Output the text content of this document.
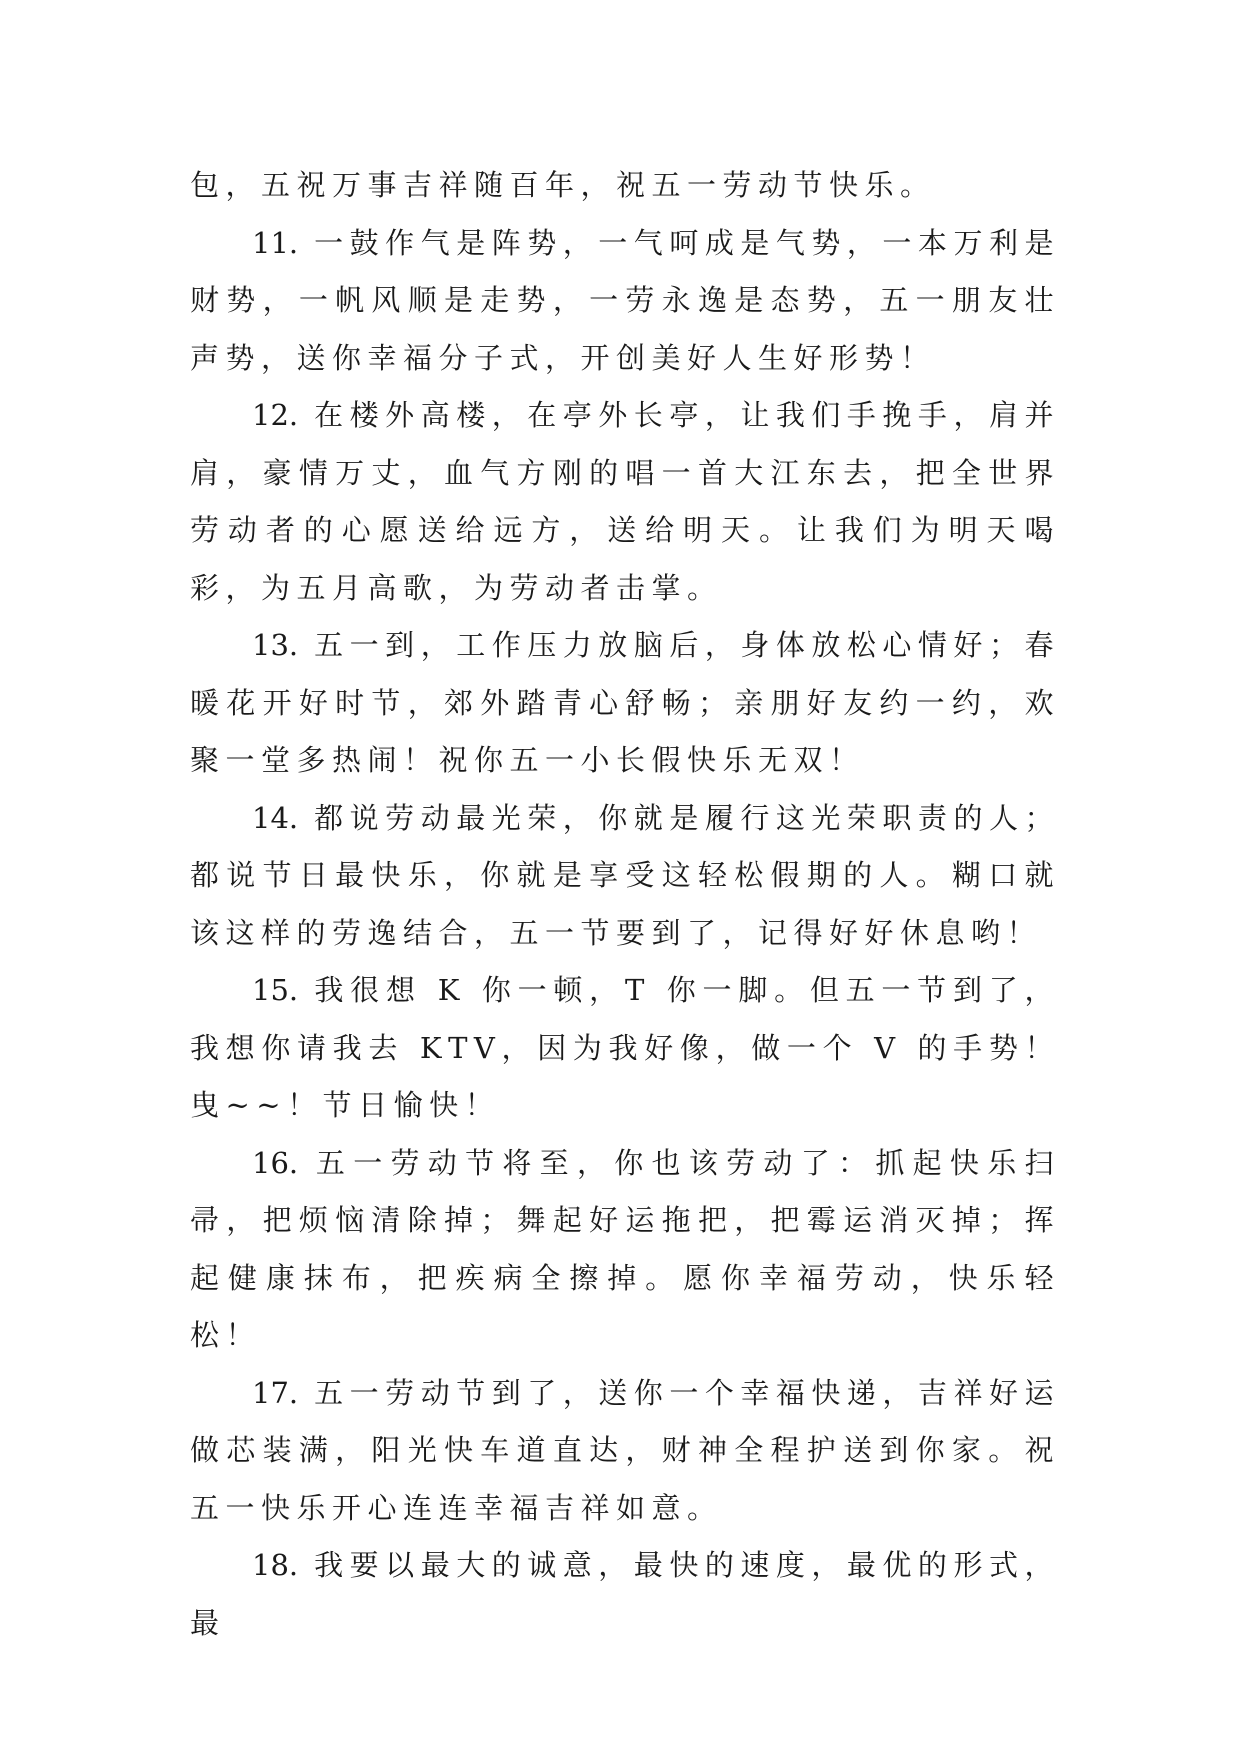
包，五祝万事吉祥随百年，祝五一劳动节快乐。

11. 一鼓作气是阵势，一气呵成是气势，一本万利是财势，一帆风顺是走势，一劳永逸是态势，五一朋友壮声势，送你幸福分子式，开创美好人生好形势！

12. 在楼外高楼，在亭外长亭，让我们手挽手，肩并肩，豪情万丈，血气方刚的唱一首大江东去，把全世界劳动者的心愿送给远方，送给明天。让我们为明天喝彩，为五月高歌，为劳动者击掌。

13. 五一到，工作压力放脑后，身体放松心情好；春暖花开好时节，郊外踏青心舒畅；亲朋好友约一约，欢聚一堂多热闹！祝你五一小长假快乐无双！

14. 都说劳动最光荣，你就是履行这光荣职责的人；都说节日最快乐，你就是享受这轻松假期的人。糊口就该这样的劳逸结合，五一节要到了，记得好好休息哟！

15. 我很想 K 你一顿，T 你一脚。但五一节到了，我想你请我去 KTV，因为我好像，做一个 V 的手势！曳~~！节日愉快！

16. 五一劳动节将至，你也该劳动了：抓起快乐扫帚，把烦恼清除掉；舞起好运拖把，把霉运消灭掉；挥起健康抹布，把疾病全擦掉。愿你幸福劳动，快乐轻松！

17. 五一劳动节到了，送你一个幸福快递，吉祥好运做芯装满，阳光快车道直达，财神全程护送到你家。祝五一快乐开心连连幸福吉祥如意。

18. 我要以最大的诚意，最快的速度，最优的形式，最
